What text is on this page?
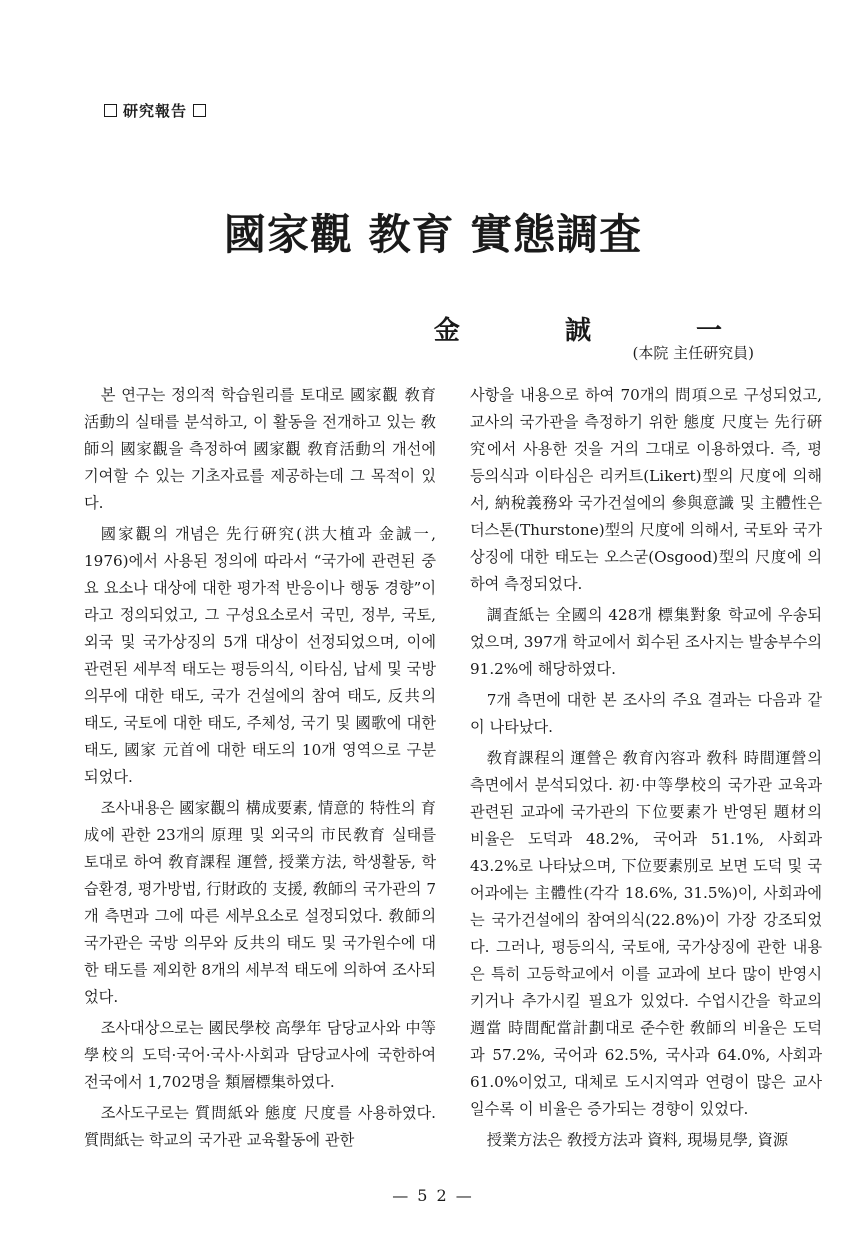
研究報告
國家觀 教育 實態調査
金 誠 一
(本院 主任硏究員)

본 연구는 정의적 학습원리를 토대로 國家觀 敎育活動의 실태를 분석하고, 이 활동을 전개하고 있는 敎師의 國家觀을 측정하여 國家觀 敎育活動의 개선에 기여할 수 있는 기초자료를 제공하는데 그 목적이 있다.

國家觀의 개념은 先行硏究(洪大植과 金誠一, 1976)에서 사용된 정의에 따라서 “국가에 관련된 중요 요소나 대상에 대한 평가적 반응이나 행동 경향”이라고 정의되었고, 그 구성요소로서 국민, 정부, 국토, 외국 및 국가상징의 5개 대상이 선정되었으며, 이에 관련된 세부적 태도는 평등의식, 이타심, 납세 및 국방 의무에 대한 태도, 국가 건설에의 참여 태도, 反共의 태도, 국토에 대한 태도, 주체성, 국기 및 國歌에 대한 태도, 國家 元首에 대한 태도의 10개 영역으로 구분되었다.

조사내용은 國家觀의 構成要素, 情意的 特性의 育成에 관한 23개의 原理 및 외국의 市民敎育 실태를 토대로 하여 敎育課程 運營, 授業方法, 학생활동, 학습환경, 평가방법, 行財政的 支援, 敎師의 국가관의 7개 측면과 그에 따른 세부요소로 설정되었다. 敎師의 국가관은 국방 의무와 反共의 태도 및 국가원수에 대한 태도를 제외한 8개의 세부적 태도에 의하여 조사되었다.

조사대상으로는 國民學校 高學年 담당교사와 中等學校의 도덕·국어·국사·사회과 담당교사에 국한하여 전국에서 1,702명을 類層標集하였다.

조사도구로는 質問紙와 態度 尺度를 사용하였다. 質問紙는 학교의 국가관 교육활동에 관한

사항을 내용으로 하여 70개의 問項으로 구성되었고, 교사의 국가관을 측정하기 위한 態度 尺度는 先行硏究에서 사용한 것을 거의 그대로 이용하였다. 즉, 평등의식과 이타심은 리커트(Likert)型의 尺度에 의해서, 納稅義務와 국가건설에의 參與意識 및 主體性은 더스톤(Thurstone)型의 尺度에 의해서, 국토와 국가상징에 대한 태도는 오스굳(Osgood)型의 尺度에 의하여 측정되었다.

調査紙는 全國의 428개 標集對象 학교에 우송되었으며, 397개 학교에서 회수된 조사지는 발송부수의 91.2%에 해당하였다.

7개 측면에 대한 본 조사의 주요 결과는 다음과 같이 나타났다.

敎育課程의 運營은 敎育內容과 敎科 時間運營의 측면에서 분석되었다. 初·中等學校의 국가관 교육과 관련된 교과에 국가관의 下位要素가 반영된 題材의 비율은 도덕과 48.2%, 국어과 51.1%, 사회과 43.2%로 나타났으며, 下位要素別로 보면 도덕 및 국어과에는 主體性(각각 18.6%, 31.5%)이, 사회과에는 국가건설에의 참여의식(22.8%)이 가장 강조되었다. 그러나, 평등의식, 국토애, 국가상징에 관한 내용은 특히 고등학교에서 이를 교과에 보다 많이 반영시키거나 추가시킬 필요가 있었다. 수업시간을 학교의 週當 時間配當計劃대로 준수한 敎師의 비율은 도덕과 57.2%, 국어과 62.5%, 국사과 64.0%, 사회과 61.0%이었고, 대체로 도시지역과 연령이 많은 교사일수록 이 비율은 증가되는 경향이 있었다.

授業方法은 敎授方法과 資料, 現場見學, 資源

— 5 2 —
